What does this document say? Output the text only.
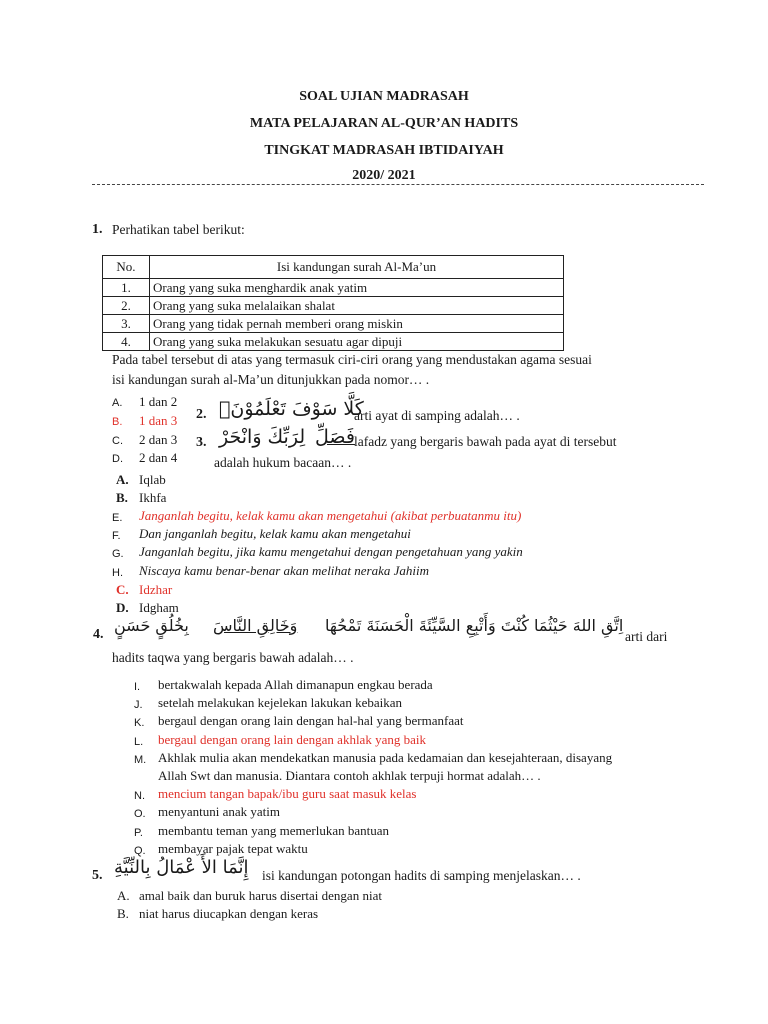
SOAL UJIAN MADRASAH
MATA PELAJARAN AL-QUR’AN HADITS
TINGKAT MADRASAH IBTIDAIYAH
2020/ 2021
1. Perhatikan tabel berikut:
No.	Isi kandungan surah Al-Ma’un
1.	Orang yang suka menghardik anak yatim
2.	Orang yang suka melalaikan shalat
3.	Orang yang tidak pernah memberi orang miskin
4.	Orang yang suka melakukan sesuatu agar dipuji
Pada tabel tersebut di atas yang termasuk ciri-ciri orang yang mendustakan agama sesuai
isi kandungan surah al-Ma’un ditunjukkan pada nomor… .
A. 1 dan 2
B. 1 dan 3
C. 2 dan 3
D. 2 dan 4
2. كَلَّا سَوْفَ تَعْلَمُوْنَۙ
arti ayat di samping adalah… .
3.	فَصَلِّ
لِرَبِّكَ وَانْحَرْ	lafadz yang bergaris bawah pada ayat di tersebut
adalah hukum bacaan… .
A. Iqlab
B. Ikhfa
E. Janganlah begitu, kelak kamu akan mengetahui (akibat perbuatanmu itu)
F. Dan janganlah begitu, kelak kamu akan mengetahui
G. Janganlah begitu, jika kamu mengetahui dengan pengetahuan yang yakin
H. Niscaya kamu benar-benar akan melihat neraka Jahiim
C. Idzhar
D. Idgham
4. بِخُلُقٍ حَسَنٍ وَخَالِقِ النَّاسَ اِتَّقِ اللهَ حَيْثُمَا كُنْتَ وَأَتْبِعِ السَّيِّئَةَ الْحَسَنَةَ تَمْحُهَا
arti dari
hadits taqwa yang bergaris bawah adalah… .
I. bertakwalah kepada Allah dimanapun engkau berada
J. setelah melakukan kejelekan lakukan kebaikan
K. bergaul dengan orang lain dengan hal-hal yang bermanfaat
L. bergaul dengan orang lain dengan akhlak yang baik
M. Akhlak mulia akan mendekatkan manusia pada kedamaian dan kesejahteraan, disayang
Allah Swt dan manusia. Diantara contoh akhlak terpuji hormat adalah… .
N. mencium tangan bapak/ibu guru saat masuk kelas
O. menyantuni anak yatim
P. membantu teman yang memerlukan bantuan
Q. membayar pajak tepat waktu
5. إِنَّمَا الأَ عْمَالُ بِالنِّيَّةِ isi kandungan potongan hadits di samping menjelaskan… .
A. amal baik dan buruk harus disertai dengan niat
B. niat harus diucapkan dengan keras
